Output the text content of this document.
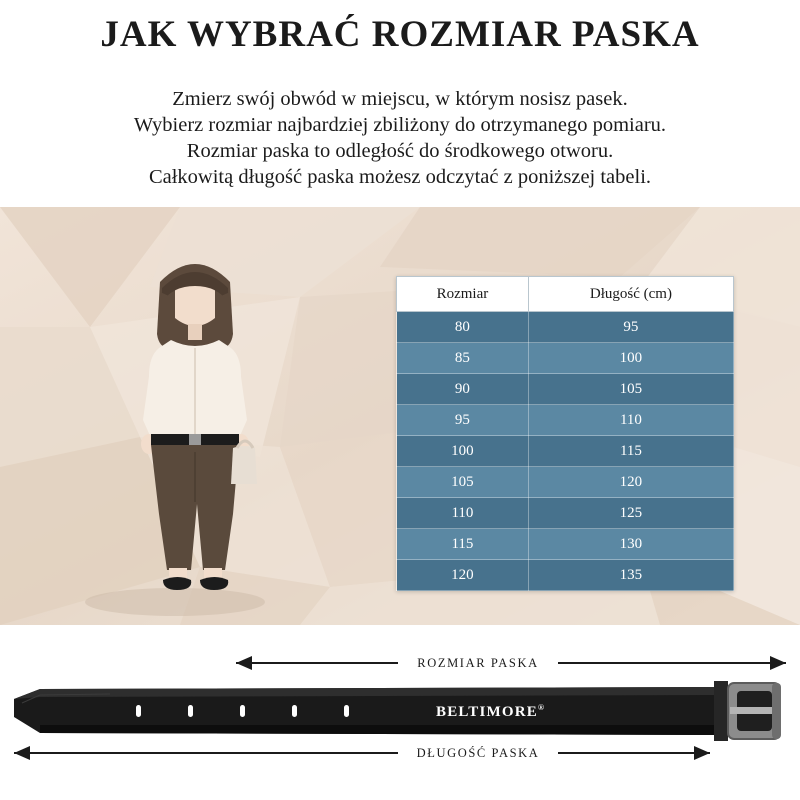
JAK WYBRAĆ ROZMIAR PASKA

Zmierz swój obwód w miejscu, w którym nosisz pasek.

Wybierz rozmiar najbardziej zbiliżony do otrzymanego pomiaru.

Rozmiar paska to odległość do środkowego otworu.

Całkowitą długość paska możesz odczytać z poniższej tabeli.

Rozmiar	Długość (cm)
80	95
85	100
90	105
95	110
100	115
105	120
110	125
115	130
120	135
ROZMIAR PASKA
DŁUGOŚĆ PASKA
BELTIMORE®
